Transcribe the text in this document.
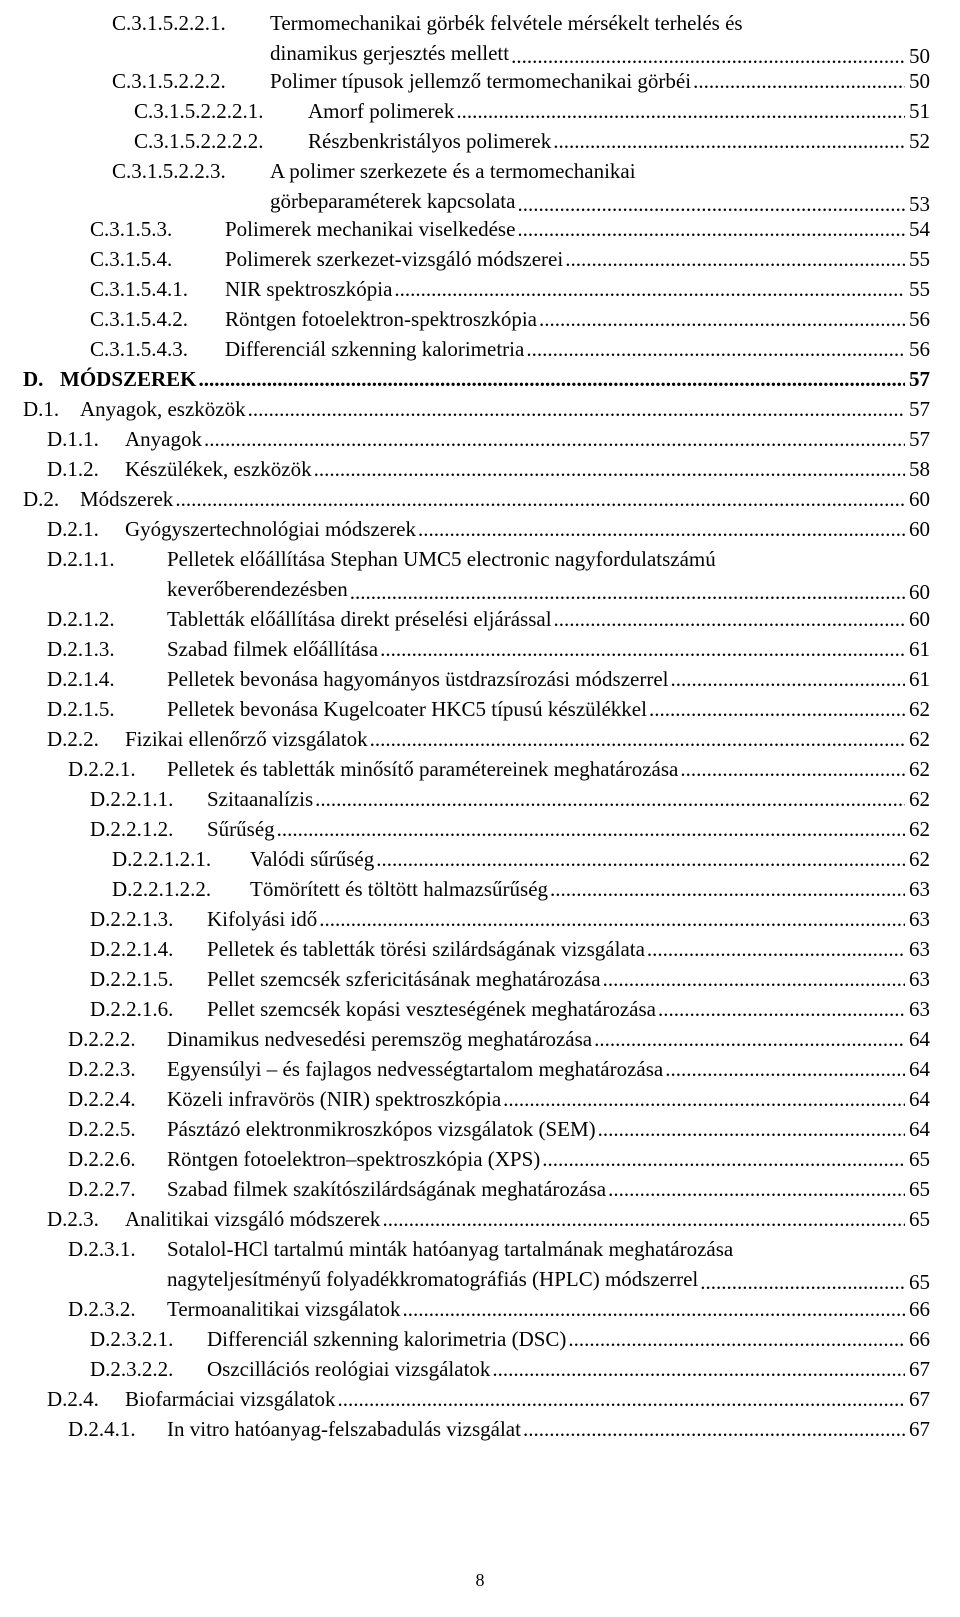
C.3.1.5.2.2.1. Termomechanikai görbék felvétele mérsékelt terhelés és dinamikus gerjesztés mellett .....	50
C.3.1.5.2.2.2. Polimer típusok jellemző termomechanikai görbéi .....	50
C.3.1.5.2.2.2.1. Amorf polimerek .....	51
C.3.1.5.2.2.2.2. Részbenkristályos polimerek .....	52
C.3.1.5.2.2.3. A polimer szerkezete és a termomechanikai görbeparaméterek kapcsolata .....	53
C.3.1.5.3.	Polimerek mechanikai viselkedése .....	54
C.3.1.5.4.	Polimerek szerkezet-vizsgáló módszerei .....	55
C.3.1.5.4.1. NIR spektroszkópia .....	55
C.3.1.5.4.2. Röntgen fotoelektron-spektroszkópia .....	56
C.3.1.5.4.3. Differenciál szkenning kalorimetria .....	56
D. MÓDSZEREK .....	57
D.1. Anyagok, eszközök .....	57
D.1.1. Anyagok .....	57
D.1.2. Készülékek, eszközök .....	58
D.2. Módszerek .....	60
D.2.1. Gyógyszertechnológiai módszerek .....	60
D.2.1.1. Pelletek előállítása Stephan UMC5 electronic nagyfordulatszámú keverőberendezésben .....	60
D.2.1.2. Tabletták előállítása direkt préselési eljárással .....	60
D.2.1.3. Szabad filmek előállítása .....	61
D.2.1.4. Pelletek bevonása hagyományos üstdrazsírozási módszerrel .....	61
D.2.1.5. Pelletek bevonása Kugelcoater HKC5 típusú készülékkel .....	62
D.2.2. Fizikai ellenőrző vizsgálatok .....	62
D.2.2.1. Pelletek és tabletták minősítő paramétereinek meghatározása .....	62
D.2.2.1.1. Szitaanalízis .....	62
D.2.2.1.2. Sűrűség .....	62
D.2.2.1.2.1. Valódi sűrűség .....	62
D.2.2.1.2.2. Tömörített és töltött halmazsűrűség .....	63
D.2.2.1.3. Kifolyási idő .....	63
D.2.2.1.4. Pelletek és tabletták törési szilárdságának vizsgálata .....	63
D.2.2.1.5. Pellet szemcsék szfericitásának meghatározása .....	63
D.2.2.1.6. Pellet szemcsék kopási veszteségének meghatározása .....	63
D.2.2.2. Dinamikus nedvesedési peremszög meghatározása .....	64
D.2.2.3. Egyensúlyi – és fajlagos nedvességtartalom meghatározása .....	64
D.2.2.4. Közeli infravörös (NIR) spektroszkópia .....	64
D.2.2.5. Pásztázó elektronmikroszkópos vizsgálatok (SEM) .....	64
D.2.2.6. Röntgen fotoelektron–spektroszkópia (XPS) .....	65
D.2.2.7. Szabad filmek szakítószilárdságának meghatározása .....	65
D.2.3. Analitikai vizsgáló módszerek .....	65
D.2.3.1. Sotalol-HCl tartalmú minták hatóanyag tartalmának meghatározása nagyteljesítményű folyadékkromatográfiás (HPLC) módszerrel .....	65
D.2.3.2. Termoanalitikai vizsgálatok .....	66
D.2.3.2.1. Differenciál szkenning kalorimetria (DSC) .....	66
D.2.3.2.2. Oszcillációs reológiai vizsgálatok .....	67
D.2.4. Biofarmáciai vizsgálatok .....	67
D.2.4.1. In vitro hatóanyag-felszabadulás vizsgálat .....	67
8
